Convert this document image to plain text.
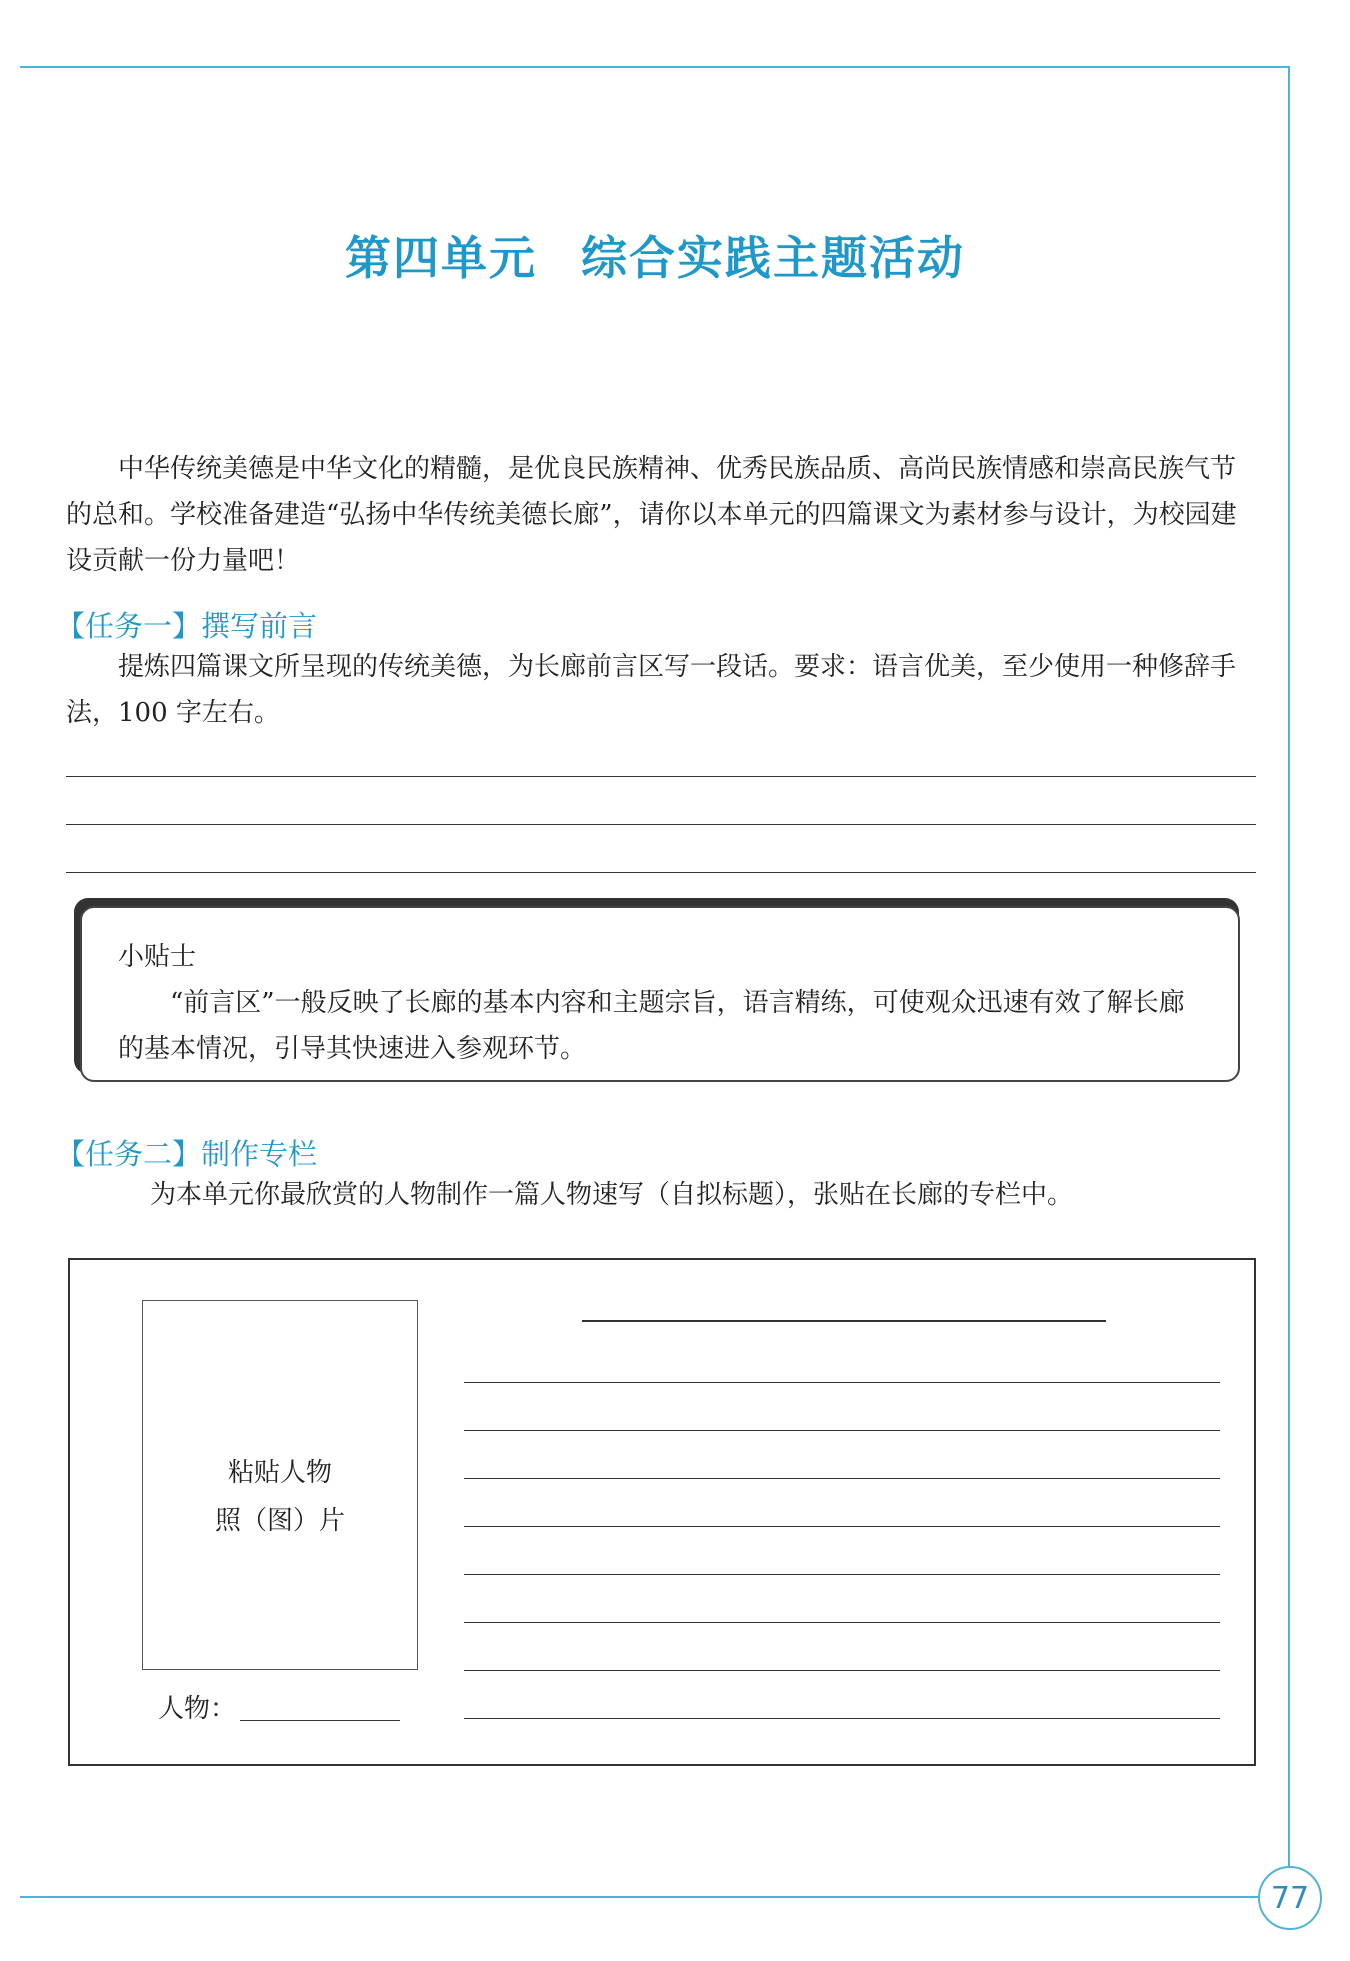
77
第四单元 综合实践主题活动

中华传统美德是中华文化的精髓，是优良民族精神、优秀民族品质、高尚民族情感和崇高民族气节的总和。学校准备建造“弘扬中华传统美德长廊”，请你以本单元的四篇课文为素材参与设计，为校园建设贡献一份力量吧！

【任务一】撰写前言

提炼四篇课文所呈现的传统美德，为长廊前言区写一段话。要求：语言优美，至少使用一种修辞手法，100 字左右。

小贴士

“前言区”一般反映了长廊的基本内容和主题宗旨，语言精练，可使观众迅速有效了解长廊的基本情况，引导其快速进入参观环节。

【任务二】制作专栏

为本单元你最欣赏的人物制作一篇人物速写（自拟标题），张贴在长廊的专栏中。

粘贴人物
照（图）片
人物：
